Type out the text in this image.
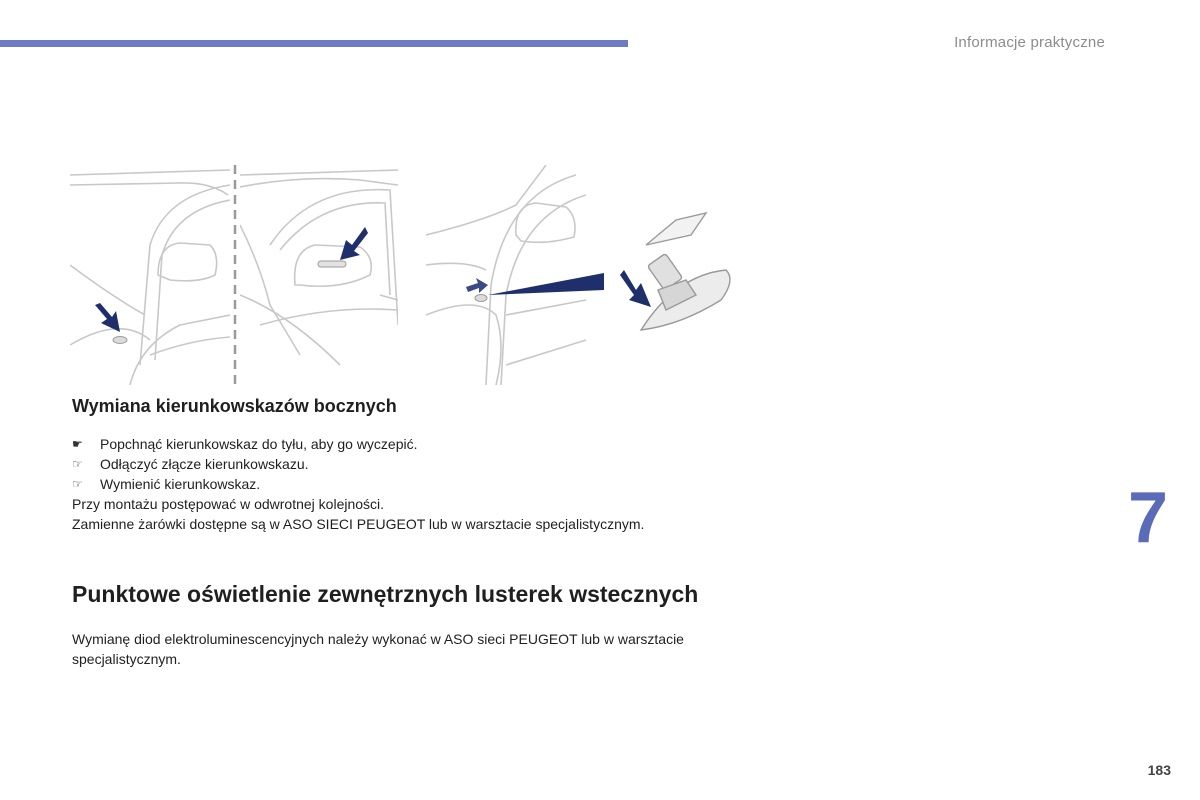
Informacje praktyczne
Wymiana kierunkowskazów bocznych
☛ Popchnąć kierunkowskaz do tyłu, aby go wyczepić.
☞ Odłączyć złącze kierunkowskazu.
☞ Wymienić kierunkowskaz.
Przy montażu postępować w odwrotnej kolejności.
Zamienne żarówki dostępne są w ASO SIECI PEUGEOT lub w warsztacie specjalistycznym.
Punktowe oświetlenie zewnętrznych lusterek wstecznych
Wymianę diod elektroluminescencyjnych należy wykonać w ASO sieci PEUGEOT lub w warsztacie specjalistycznym.
7
183
